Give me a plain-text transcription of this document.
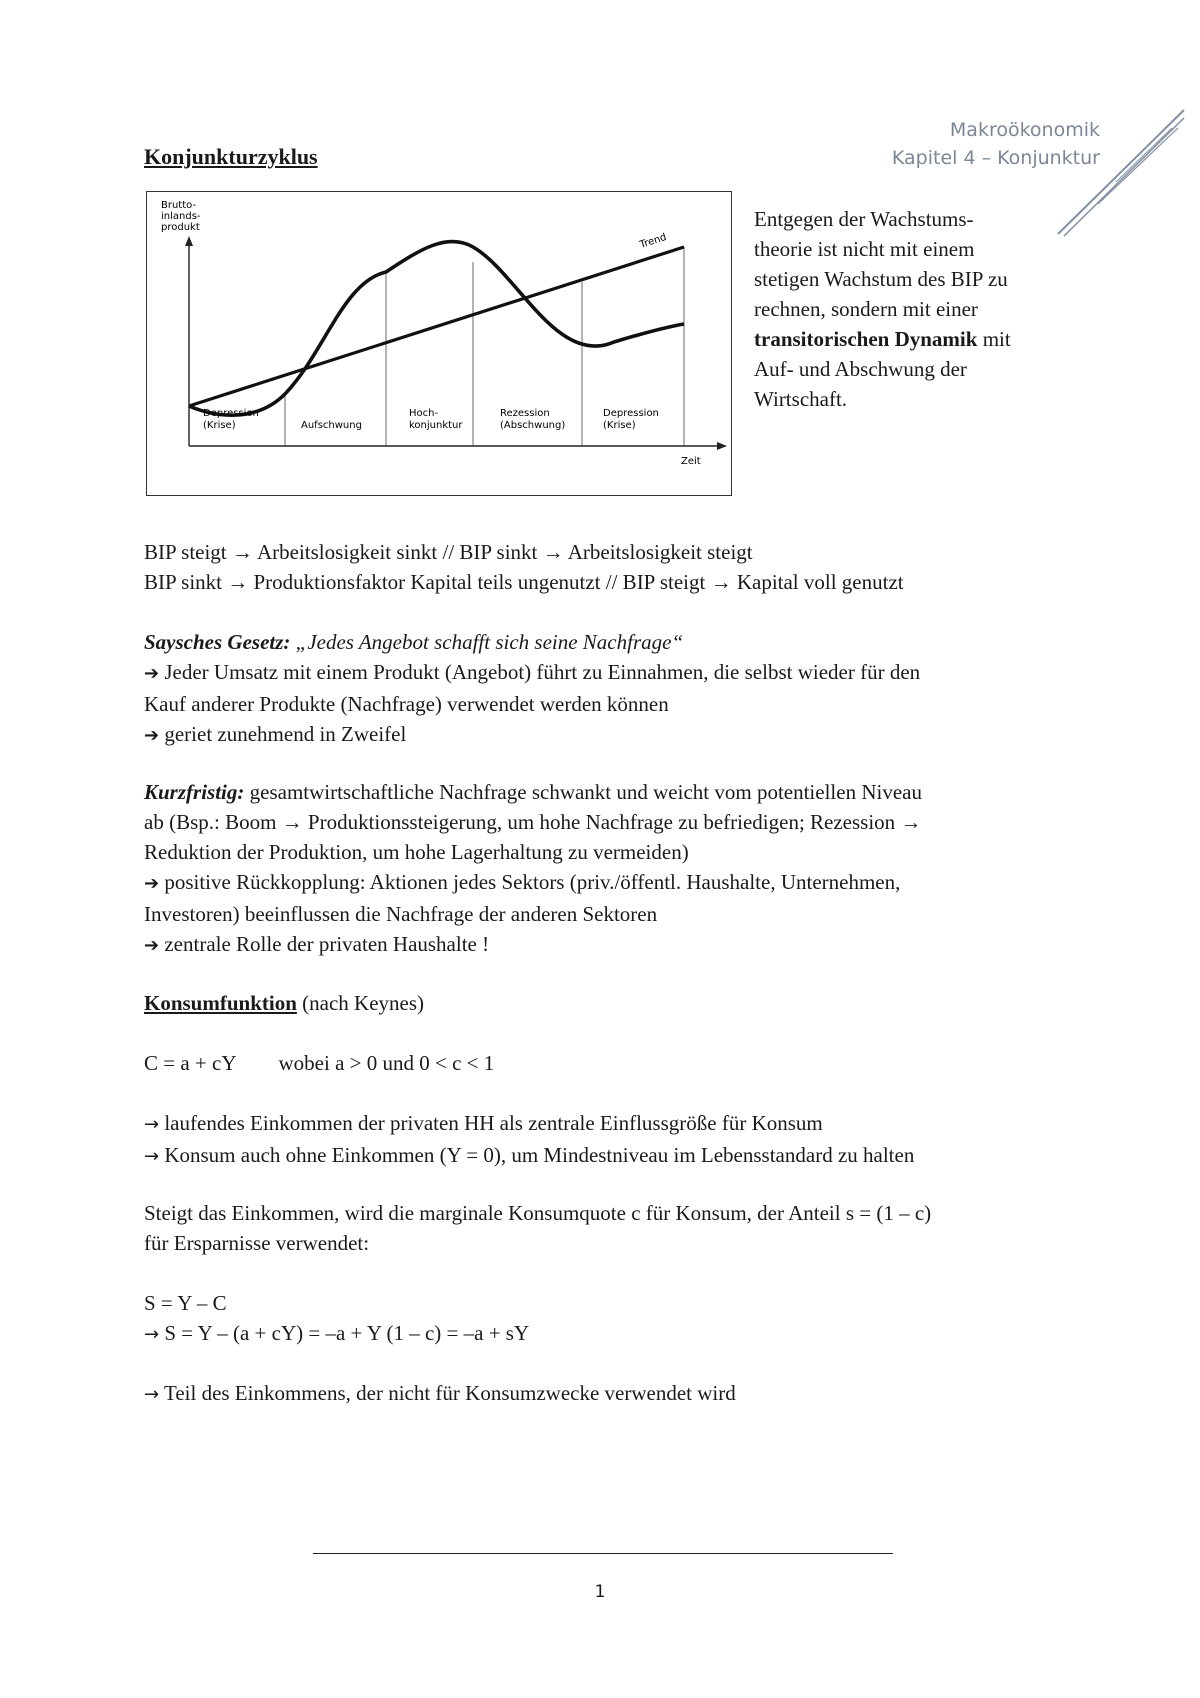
Makroökonomik
Kapitel 4 – Konjunktur
Konjunkturzyklus
Brutto-
inlands-
produkt
Zeit
Trend
Depression
(Krise)	Aufschwung
Hoch-
konjunktur
Rezession
(Abschwung)
Depression
(Krise)
Entgegen der Wachstums-
theorie ist nicht mit einem
stetigen Wachstum des BIP zu
rechnen, sondern mit einer
transitorischen Dynamik mit
Auf- und Abschwung der
Wirtschaft.
BIP steigt → Arbeitslosigkeit sinkt // BIP sinkt → Arbeitslosigkeit steigt
BIP sinkt → Produktionsfaktor Kapital teils ungenutzt // BIP steigt → Kapital voll genutzt
Saysches Gesetz: „Jedes Angebot schafft sich seine Nachfrage“
➔ Jeder Umsatz mit einem Produkt (Angebot) führt zu Einnahmen, die selbst wieder für den
Kauf anderer Produkte (Nachfrage) verwendet werden können
➔ geriet zunehmend in Zweifel
Kurzfristig: gesamtwirtschaftliche Nachfrage schwankt und weicht vom potentiellen Niveau
ab (Bsp.: Boom → Produktionssteigerung, um hohe Nachfrage zu befriedigen; Rezession →
Reduktion der Produktion, um hohe Lagerhaltung zu vermeiden)
➔ positive Rückkopplung: Aktionen jedes Sektors (priv./öffentl. Haushalte, Unternehmen,
Investoren) beeinflussen die Nachfrage der anderen Sektoren
➔ zentrale Rolle der privaten Haushalte !
Konsumfunktion (nach Keynes)
C = a + cY wobei a > 0 und 0 < c < 1
→ laufendes Einkommen der privaten HH als zentrale Einflussgröße für Konsum
→ Konsum auch ohne Einkommen (Y = 0), um Mindestniveau im Lebensstandard zu halten
Steigt das Einkommen, wird die marginale Konsumquote c für Konsum, der Anteil s = (1 – c)
für Ersparnisse verwendet:
S = Y – C
→ S = Y – (a + cY) = –a + Y (1 – c) = –a + sY
→ Teil des Einkommens, der nicht für Konsumzwecke verwendet wird
1
